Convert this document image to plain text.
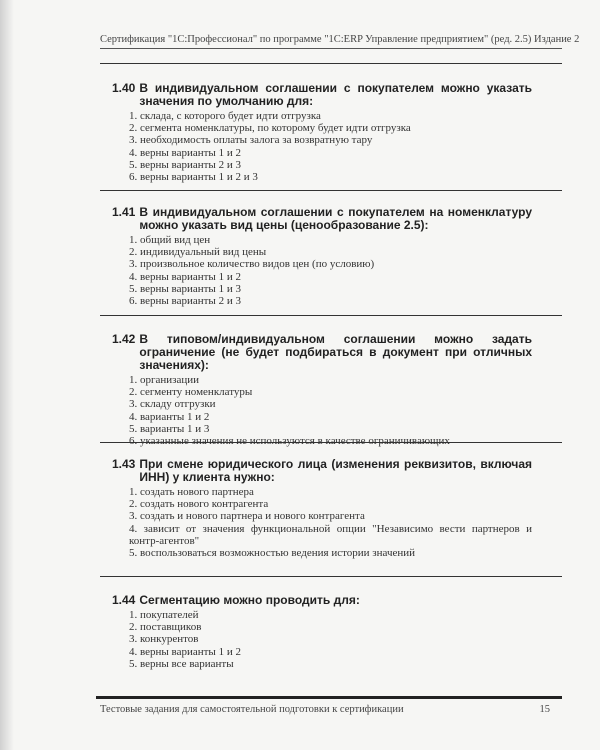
Сертификация "1С:Профессионал" по программе "1С:ERP Управление предприятием" (ред. 2.5) Издание 2
1.40 В индивидуальном соглашении с покупателем можно указать значения по умолчанию для:
1. склада, с которого будет идти отгрузка
2. сегмента номенклатуры, по которому будет идти отгрузка
3. необходимость оплаты залога за возвратную тару
4. верны варианты 1 и 2
5. верны варианты 2 и 3
6. верны варианты 1 и 2 и 3
1.41 В индивидуальном соглашении с покупателем на номенклатуру можно указать вид цены (ценообразование 2.5):
1. общий вид цен
2. индивидуальный вид цены
3. произвольное количество видов цен (по условию)
4. верны варианты 1 и 2
5. верны варианты 1 и 3
6. верны варианты 2 и 3
1.42 В типовом/индивидуальном соглашении можно задать ограничение (не будет подбираться в документ при отличных значениях):
1. организации
2. сегменту номенклатуры
3. складу отгрузки
4. варианты 1 и 2
5. варианты 1 и 3
6. указанные значения не используются в качестве ограничивающих
1.43 При смене юридического лица (изменения реквизитов, включая ИНН) у клиента нужно:
1. создать нового партнера
2. создать нового контрагента
3. создать и нового партнера и нового контрагента
4. зависит от значения функциональной опции "Независимо вести партнеров и контр-агентов"
5. воспользоваться возможностью ведения истории значений
1.44 Сегментацию можно проводить для:
1. покупателей
2. поставщиков
3. конкурентов
4. верны варианты 1 и 2
5. верны все варианты
Тестовые задания для самостоятельной подготовки к сертификации	15
